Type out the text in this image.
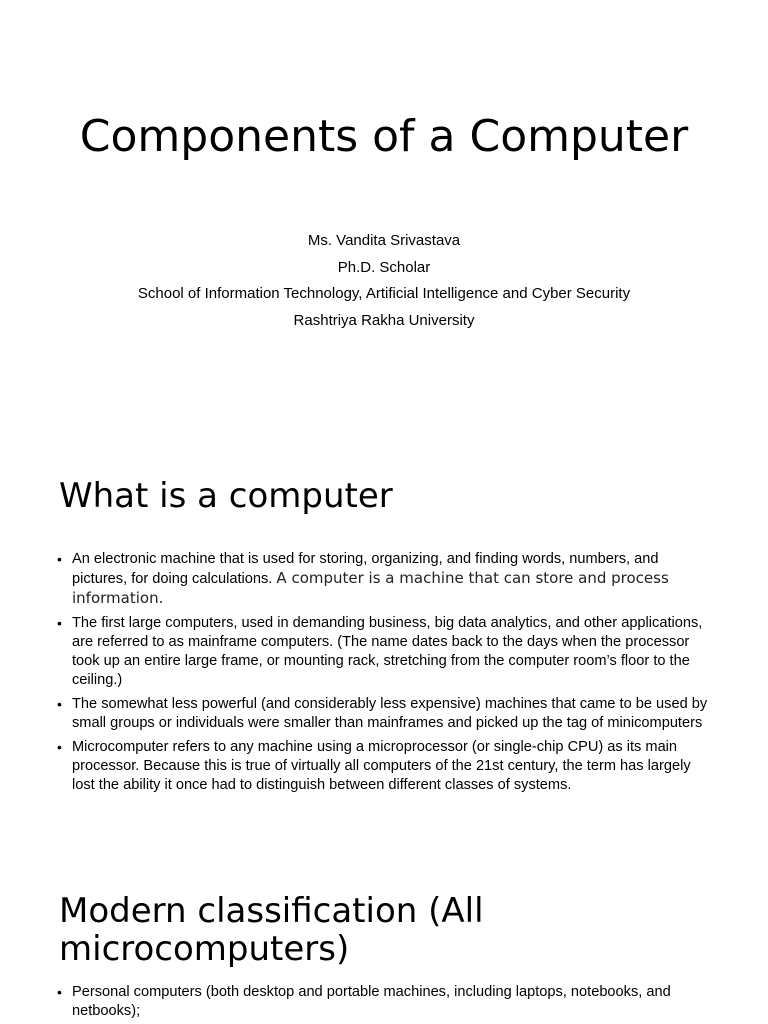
Components of a Computer
Ms. Vandita Srivastava
Ph.D. Scholar
School of Information Technology, Artificial Intelligence and Cyber Security
Rashtriya Rakha University
What is a computer
• An electronic machine that is used for storing, organizing, and finding words, numbers, and pictures, for doing calculations. A computer is a machine that can store and process information.
• The first large computers, used in demanding business, big data analytics, and other applications, are referred to as mainframe computers. (The name dates back to the days when the processor took up an entire large frame, or mounting rack, stretching from the computer room’s floor to the ceiling.)
• The somewhat less powerful (and considerably less expensive) machines that came to be used by small groups or individuals were smaller than mainframes and picked up the tag of minicomputers
• Microcomputer refers to any machine using a microprocessor (or single-chip CPU) as its main processor. Because this is true of virtually all computers of the 21st century, the term has largely lost the ability it once had to distinguish between different classes of systems.
Modern classification (All microcomputers)
• Personal computers (both desktop and portable machines, including laptops, notebooks, and netbooks);
